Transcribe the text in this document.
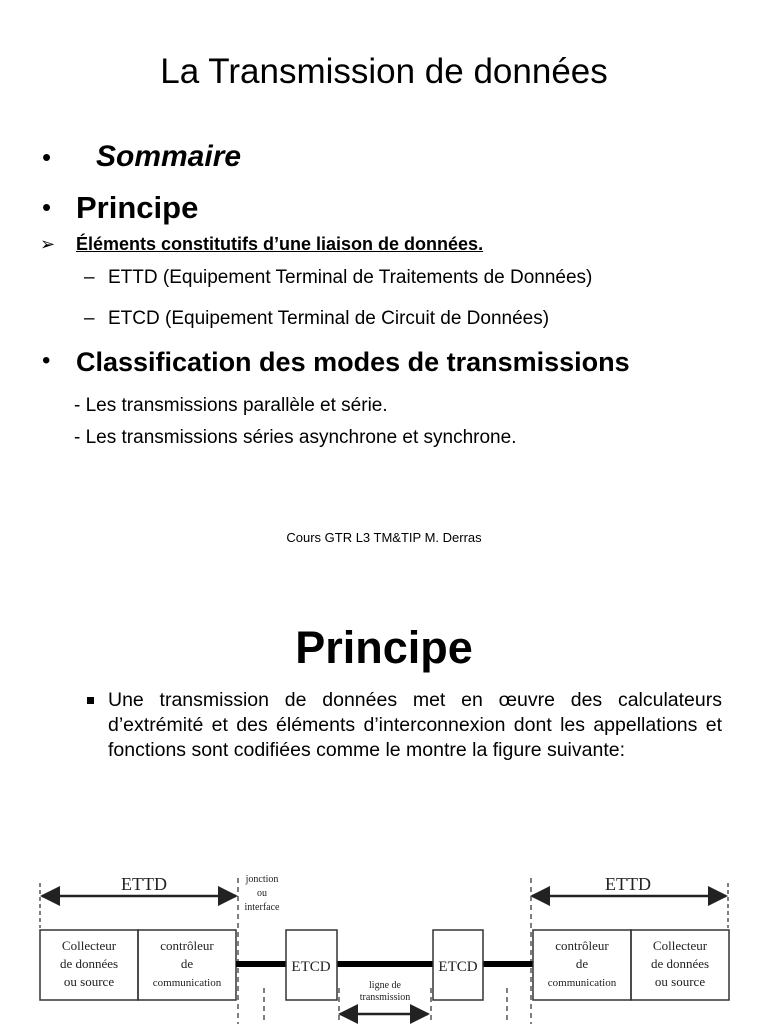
La Transmission de données
• Sommaire
• Principe
➢ Éléments constitutifs d’une liaison de données.
– ETTD (Equipement Terminal de Traitements de Données)
– ETCD (Equipement Terminal de Circuit de Données)
• Classification des modes de transmissions
- Les transmissions parallèle et série.
- Les transmissions séries asynchrone et synchrone.
Cours GTR L3 TM&TIP M. Derras
Principe
Une transmission de données met en œuvre des calculateurs d’extrémité et des éléments d’interconnexion dont les appellations et fonctions sont codifiées comme le montre la figure suivante:
ETTD	ETTD
Collecteur
de données
ou source
contrôleur
de
communication
jonction
ou
interface
ETCD	ETCD
ligne de
transmission
contrôleur
de
communication
Collecteur
de données
ou source
